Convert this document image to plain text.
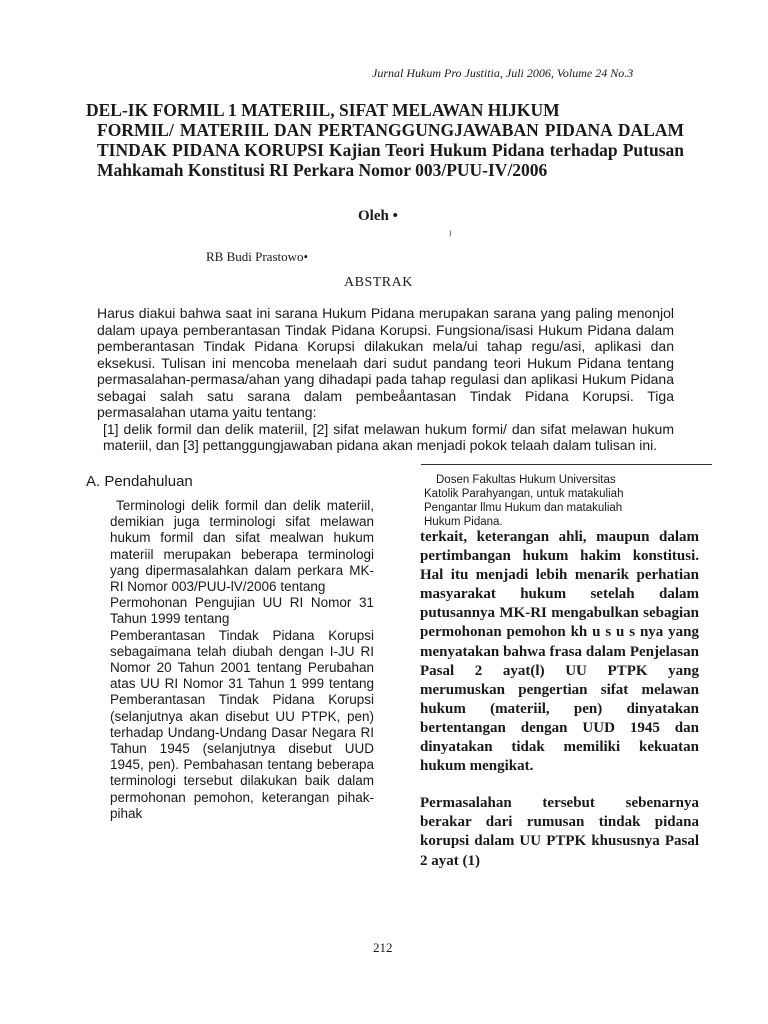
Jurnal Hukum Pro Justitia, Juli 2006, Volume 24 No.3
DEL-IK FORMIL 1 MATERIIL, SIFAT MELAWAN HIJKUM
FORMIL/ MATERIIL DAN PERTANGGUNGJAWABAN PIDANA DALAM TINDAK PIDANA KORUPSI Kajian Teori Hukum Pidana terhadap Putusan Mahkamah Konstitusi RI Perkara Nomor 003/PUU-IV/2006
Oleh •
)
RB Budi Prastowo•
ABSTRAK
Harus diakui bahwa saat ini sarana Hukum Pidana merupakan sarana yang paling menonjol dalam upaya pemberantasan Tindak Pidana Korupsi. Fungsiona/isasi Hukum Pidana dalam pemberantasan Tindak Pidana Korupsi dilakukan mela/ui tahap regu/asi, aplikasi dan eksekusi. Tulisan ini mencoba menelaah dari sudut pandang teori Hukum Pidana tentang permasalahan-permasa/ahan yang dihadapi pada tahap regulasi dan aplikasi Hukum Pidana sebagai salah satu sarana dalam pembeåantasan Tindak Pidana Korupsi. Tiga permasalahan utama yaitu tentang:
[1] delik formil dan delik materiil, [2] sifat melawan hukum formi/ dan sifat melawan hukum materiil, dan [3] pettanggungjawaban pidana akan menjadi pokok telaah dalam tulisan ini.
A. Pendahuluan	Dosen Fakultas Hukum Universitas
Katolik Parahyangan, untuk matakuliah
Pengantar llmu Hukum dan matakuliah
Hukum Pidana.

Terminologi delik formil dan delik materiil, demikian juga terminologi sifat melawan hukum formil dan sifat mealwan hukum materiil merupakan beberapa terminologi yang dipermasalahkan dalam perkara MK-RI Nomor 003/PUU-lV/2006 tentang

Permohonan Pengujian UU RI Nomor 31 Tahun 1999 tentang

Pemberantasan Tindak Pidana Korupsi sebagaimana telah diubah dengan I-JU RI Nomor 20 Tahun 2001 tentang Perubahan atas UU RI Nomor 31 Tahun 1 999 tentang Pemberantasan Tindak Pidana Korupsi (selanjutnya akan disebut UU PTPK, pen) terhadap Undang-Undang Dasar Negara RI Tahun 1945 (selanjutnya disebut UUD 1945, pen). Pembahasan tentang beberapa terminologi tersebut dilakukan baik dalam permohonan pemohon, keterangan pihak-pihak

terkait, keterangan ahli, maupun dalam pertimbangan hukum hakim konstitusi. Hal itu menjadi lebih menarik perhatian masyarakat hukum setelah dalam putusannya MK-RI mengabulkan sebagian permohonan pemohon kh u s u s nya yang menyatakan bahwa frasa dalam Penjelasan Pasal 2 ayat(l) UU PTPK yang merumuskan pengertian sifat melawan hukum (materiil, pen) dinyatakan bertentangan dengan UUD 1945 dan dinyatakan tidak memiliki kekuatan hukum mengikat.

Permasalahan tersebut sebenarnya berakar dari rumusan tindak pidana korupsi dalam UU PTPK khususnya Pasal 2 ayat (1)

212
